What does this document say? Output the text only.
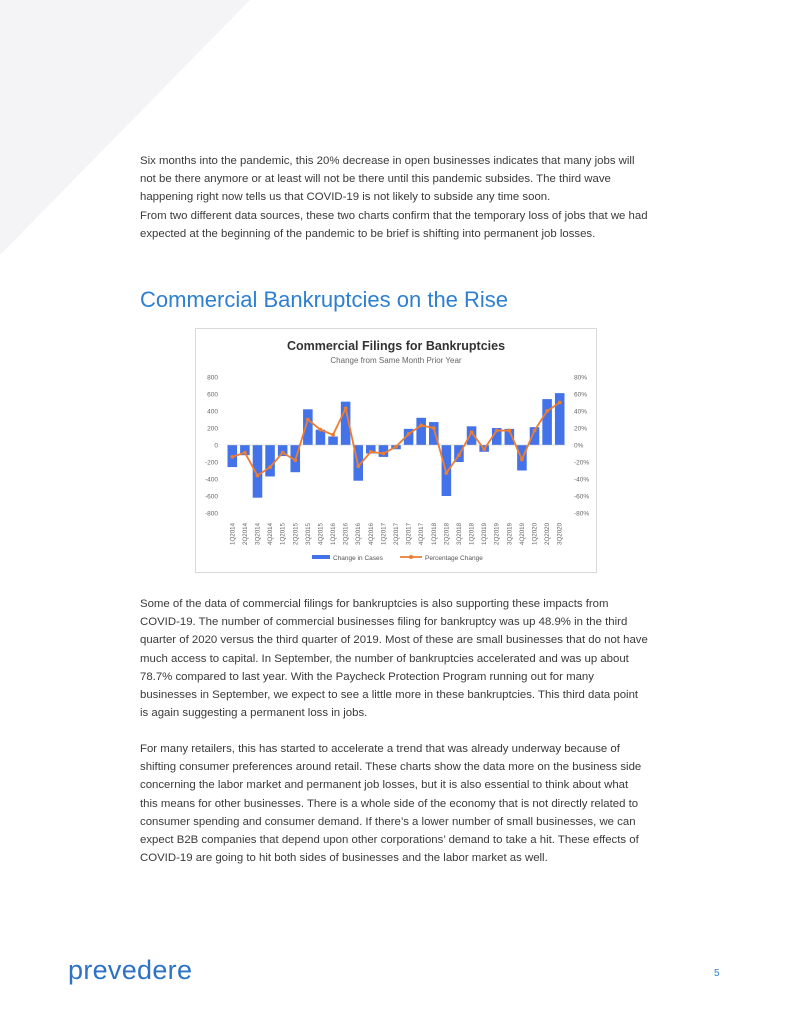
Six months into the pandemic, this 20% decrease in open businesses indicates that many jobs will not be there anymore or at least will not be there until this pandemic subsides. The third wave happening right now tells us that COVID-19 is not likely to subside any time soon.
From two different data sources, these two charts confirm that the temporary loss of jobs that we had expected at the beginning of the pandemic to be brief is shifting into permanent job losses.
Commercial Bankruptcies on the Rise
Commercial Filings for Bankruptcies
Change from Same Month Prior Year
800
600
400
200
0
-200
-400
-600
-800
80%
60%
40%
20%
0%
-20%
-40%
-60%
-80%
1Q2014 2Q2014 3Q2014 4Q2014 1Q2015 2Q2015 3Q2015 4Q2015 1Q2016 2Q2016 3Q2016 4Q2016 1Q2017 2Q2017 3Q2017 4Q2017 1Q2018 2Q2018 3Q2018 1Q2018 1Q2019 2Q2019 3Q2019 4Q2019 1Q2020 2Q2020 3Q2020
Change in Cases	Percentage Change

Some of the data of commercial filings for bankruptcies is also supporting these impacts from COVID-19. The number of commercial businesses filing for bankruptcy was up 48.9% in the third quarter of 2020 versus the third quarter of 2019. Most of these are small businesses that do not have much access to capital. In September, the number of bankruptcies accelerated and was up about 78.7% compared to last year. With the Paycheck Protection Program running out for many businesses in September, we expect to see a little more in these bankruptcies. This third data point is again suggesting a permanent loss in jobs.

For many retailers, this has started to accelerate a trend that was already underway because of shifting consumer preferences around retail. These charts show the data more on the business side concerning the labor market and permanent job losses, but it is also essential to think about what this means for other businesses. There is a whole side of the economy that is not directly related to consumer spending and consumer demand. If there’s a lower number of small businesses, we can expect B2B companies that depend upon other corporations’ demand to take a hit. These effects of COVID-19 are going to hit both sides of businesses and the labor market as well.

prevedere	5
